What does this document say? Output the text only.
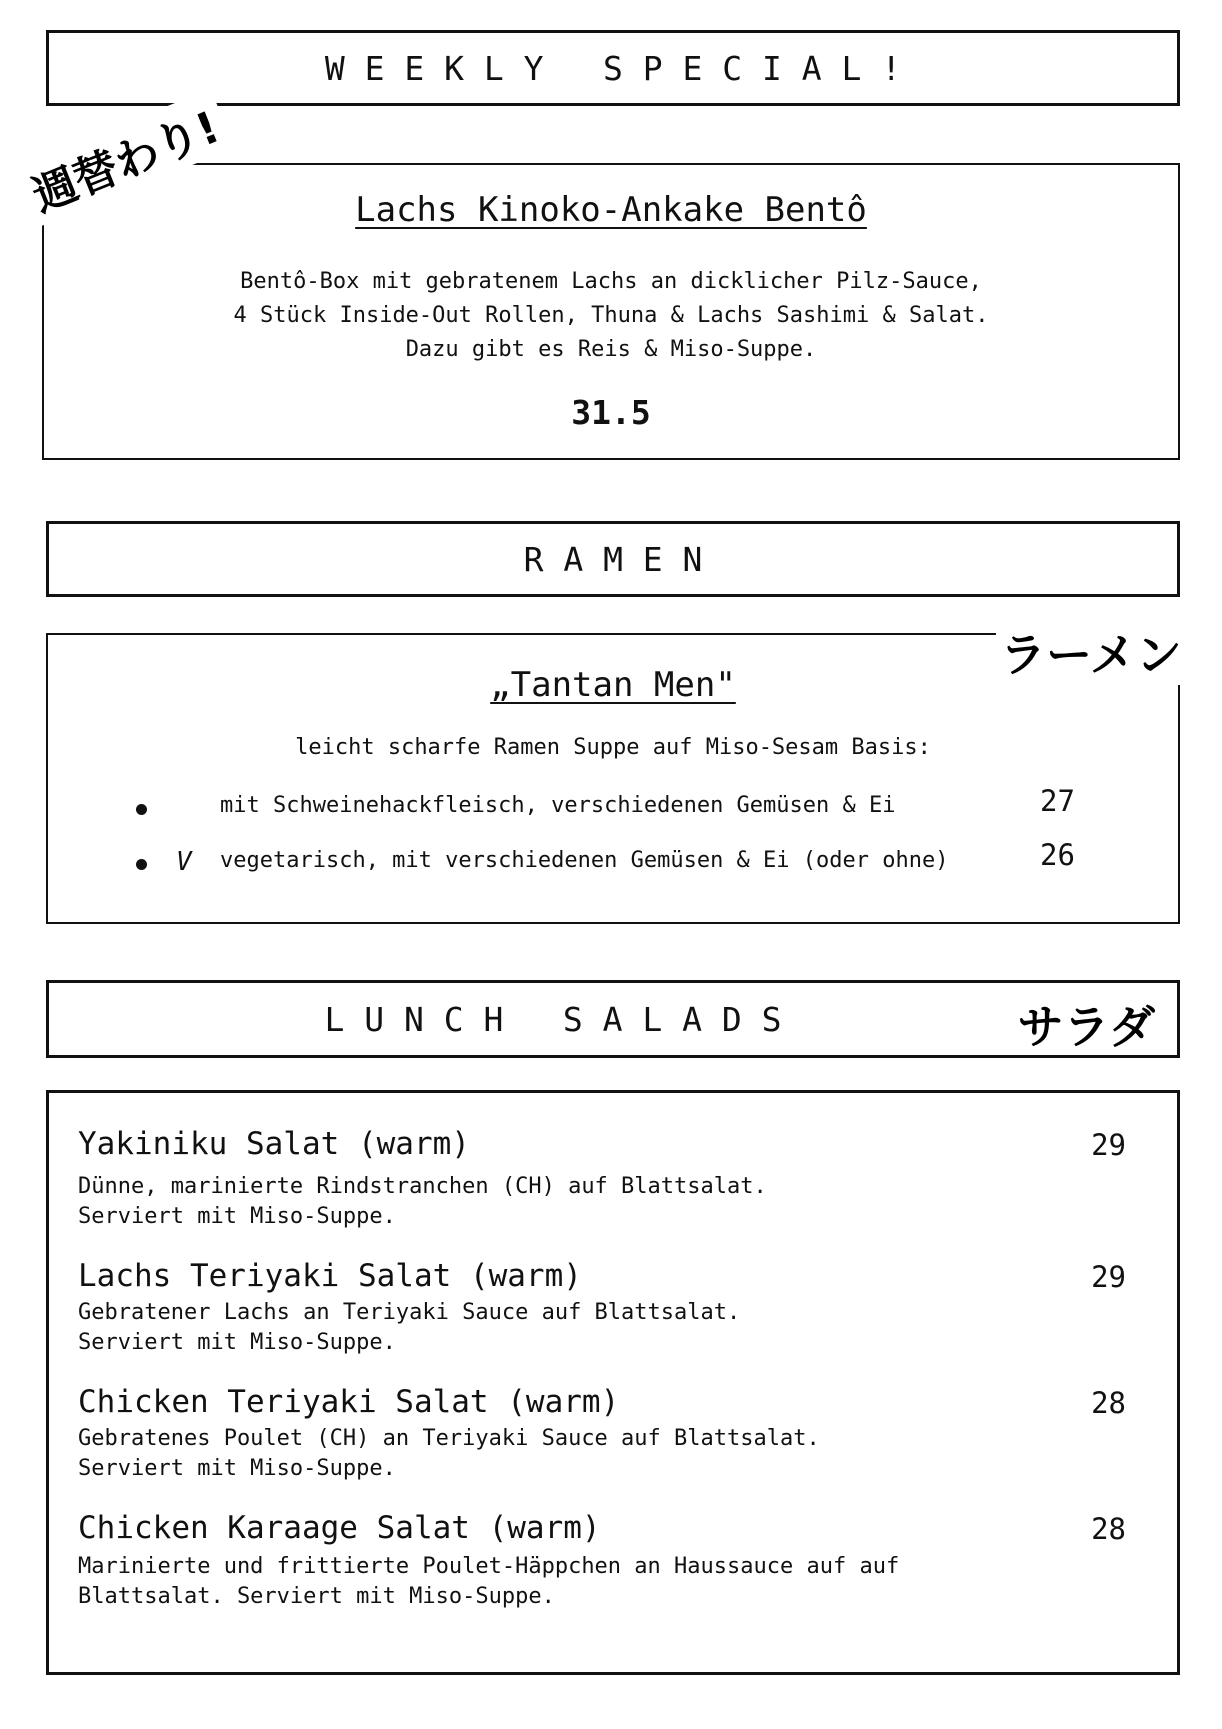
W E E K L Y   S P E C I A L !
Lachs Kinoko-Ankake Bentô
Bentô-Box mit gebratenem Lachs an dicklicher Pilz-Sauce,
4 Stück Inside-Out Rollen, Thuna & Lachs Sashimi & Salat.
Dazu gibt es Reis & Miso-Suppe.
31.5
週替わり!
R A M E N
„Tantan Men"
leicht scharfe Ramen Suppe auf Miso-Sesam Basis:
mit Schweinehackfleisch, verschiedenen Gemüsen & Ei	27
V vegetarisch, mit verschiedenen Gemüsen & Ei (oder ohne)	26
ラーメン
L U N C H   S A L A D S	サラダ
Yakiniku Salat (warm)	29
Dünne, marinierte Rindstranchen (CH) auf Blattsalat.
Serviert mit Miso-Suppe.
Lachs Teriyaki Salat (warm)	29
Gebratener Lachs an Teriyaki Sauce auf Blattsalat.
Serviert mit Miso-Suppe.
Chicken Teriyaki Salat (warm)	28
Gebratenes Poulet (CH) an Teriyaki Sauce auf Blattsalat.
Serviert mit Miso-Suppe.
Chicken Karaage Salat (warm)	28
Marinierte und frittierte Poulet-Häppchen an Haussauce auf auf
Blattsalat. Serviert mit Miso-Suppe.
